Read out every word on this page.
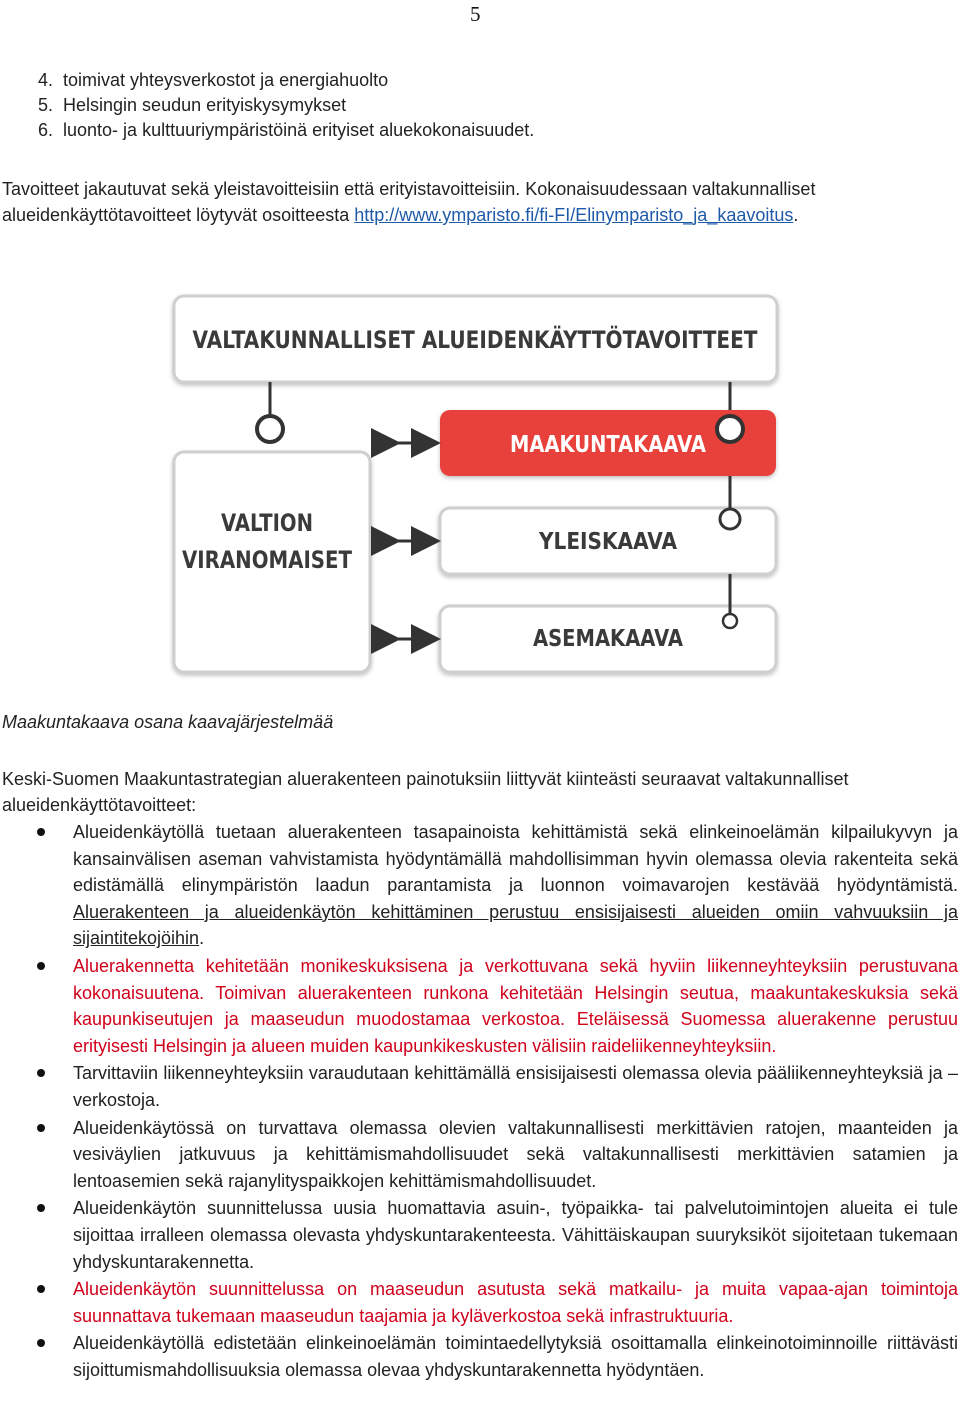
5
4.  toimivat yhteysverkostot ja energiahuolto
5.  Helsingin seudun erityiskysymykset
6.  luonto- ja kulttuuriympäristöinä erityiset aluekokonaisuudet.

Tavoitteet jakautuvat sekä yleistavoitteisiin että erityistavoitteisiin. Kokonaisuudessaan valtakunnalliset alueidenkäyttötavoitteet löytyvät osoitteesta http://www.ymparisto.fi/fi-FI/Elinymparisto_ja_kaavoitus.

VALTAKUNNALLISET ALUEIDENKÄYTTÖTAVOITTEET
VALTION
VIRANOMAISET
MAAKUNTAKAAVA
YLEISKAAVA
ASEMAKAAVA

Maakuntakaava osana kaavajärjestelmää

Keski-Suomen Maakuntastrategian aluerakenteen painotuksiin liittyvät kiinteästi seuraavat valtakunnalliset alueidenkäyttötavoitteet:

Alueidenkäytöllä tuetaan aluerakenteen tasapainoista kehittämistä sekä elinkeinoelämän kilpailukyvyn ja kansainvälisen aseman vahvistamista hyödyntämällä mahdollisimman hyvin olemassa olevia rakenteita sekä edistämällä elinympäristön laadun parantamista ja luonnon voimavarojen kestävää hyödyntämistä. Aluerakenteen ja alueidenkäytön kehittäminen perustuu ensisijaisesti alueiden omiin vahvuuksiin ja sijaintitekojöihin.
Aluerakennetta kehitetään monikeskuksisena ja verkottuvana sekä hyviin liikenneyhteyksiin perustuvana kokonaisuutena. Toimivan aluerakenteen runkona kehitetään Helsingin seutua, maakuntakeskuksia sekä kaupunkiseutujen ja maaseudun muodostamaa verkostoa. Eteläisessä Suomessa aluerakenne perustuu erityisesti Helsingin ja alueen muiden kaupunkikeskusten välisiin raideliikenneyhteyksiin.
Tarvittaviin liikenneyhteyksiin varaudutaan kehittämällä ensisijaisesti olemassa olevia pääliikenneyhteyksiä ja –verkostoja.
Alueidenkäytössä on turvattava olemassa olevien valtakunnallisesti merkittävien ratojen, maanteiden ja vesiväylien jatkuvuus ja kehittämismahdollisuudet sekä valtakunnallisesti merkittävien satamien ja lentoasemien sekä rajanylityspaikkojen kehittämismahdollisuudet.
Alueidenkäytön suunnittelussa uusia huomattavia asuin-, työpaikka- tai palvelutoimintojen alueita ei tule sijoittaa irralleen olemassa olevasta yhdyskuntarakenteesta. Vähittäiskaupan suuryksiköt sijoitetaan tukemaan yhdyskuntarakennetta.
Alueidenkäytön suunnittelussa on maaseudun asutusta sekä matkailu- ja muita vapaa-ajan toimintoja suunnattava tukemaan maaseudun taajamia ja kyläverkostoa sekä infrastruktuuria.
Alueidenkäytöllä edistetään elinkeinoelämän toimintaedellytyksiä osoittamalla elinkeinotoiminnoille riittävästi sijoittumismahdollisuuksia olemassa olevaa yhdyskuntarakennetta hyödyntäen.
